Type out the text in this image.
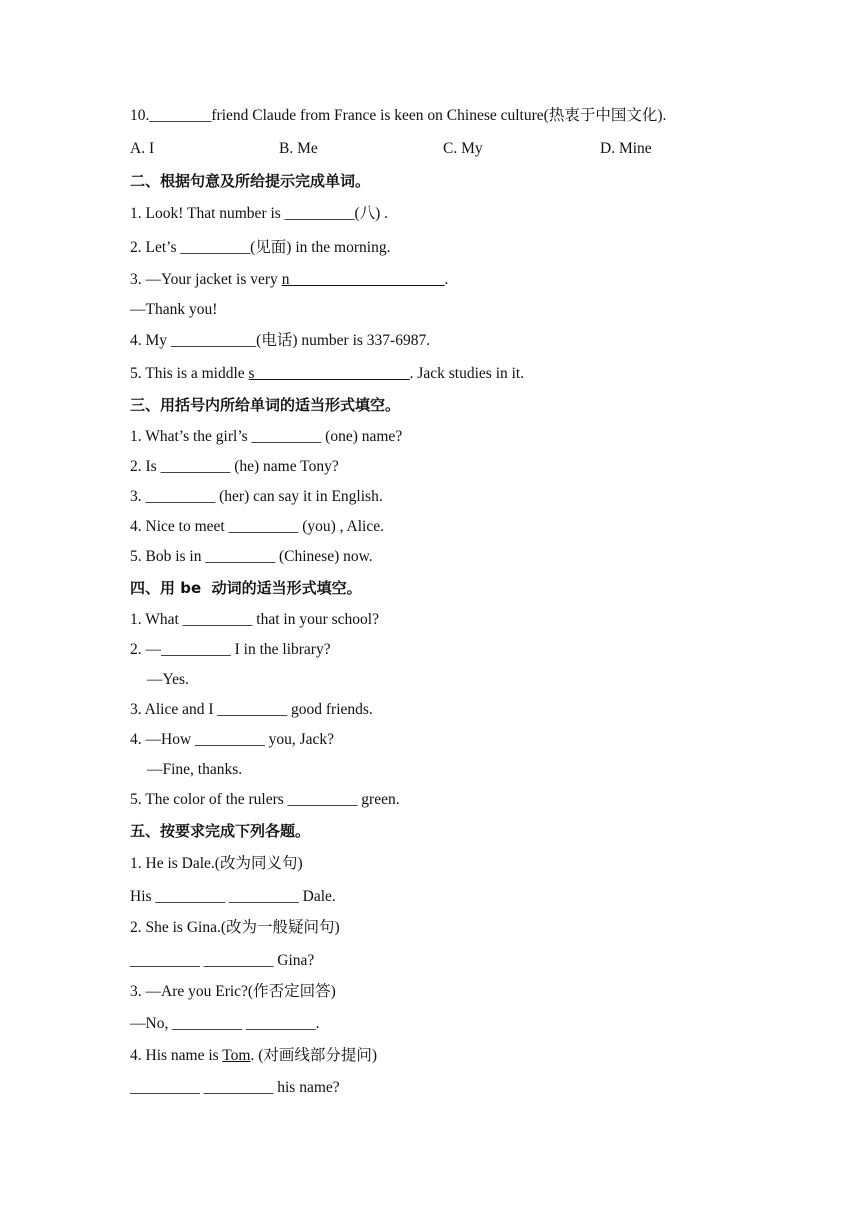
10.________friend Claude from France is keen on Chinese culture(热衷于中国文化).
A. I	B. Me	C. My	D. Mine
二、根据句意及所给提示完成单词。
1. Look! That number is _________(八) .
2. Let’s _________(见面) in the morning.
3. —Your jacket is very n____________________.
—Thank you!
4. My ___________(电话) number is 337-6987.
5. This is a middle s____________________. Jack studies in it.
三、用括号内所给单词的适当形式填空。
1. What’s the girl’s _________ (one) name?
2. Is _________ (he) name Tony?
3. _________ (her) can say it in English.
4. Nice to meet _________ (you) , Alice.
5. Bob is in _________ (Chinese) now.
四、用 be  动词的适当形式填空。
1. What _________ that in your school?
2. —_________ I in the library?
—Yes.
3. Alice and I _________ good friends.
4. —How _________ you, Jack?
—Fine, thanks.
5. The color of the rulers _________ green.
五、按要求完成下列各题。
1. He is Dale.(改为同义句)
His _________ _________ Dale.
2. She is Gina.(改为一般疑问句)
_________ _________ Gina?
3. —Are you Eric?(作否定回答)
—No, _________ _________.
4. His name is Tom. (对画线部分提问)
_________ _________ his name?
